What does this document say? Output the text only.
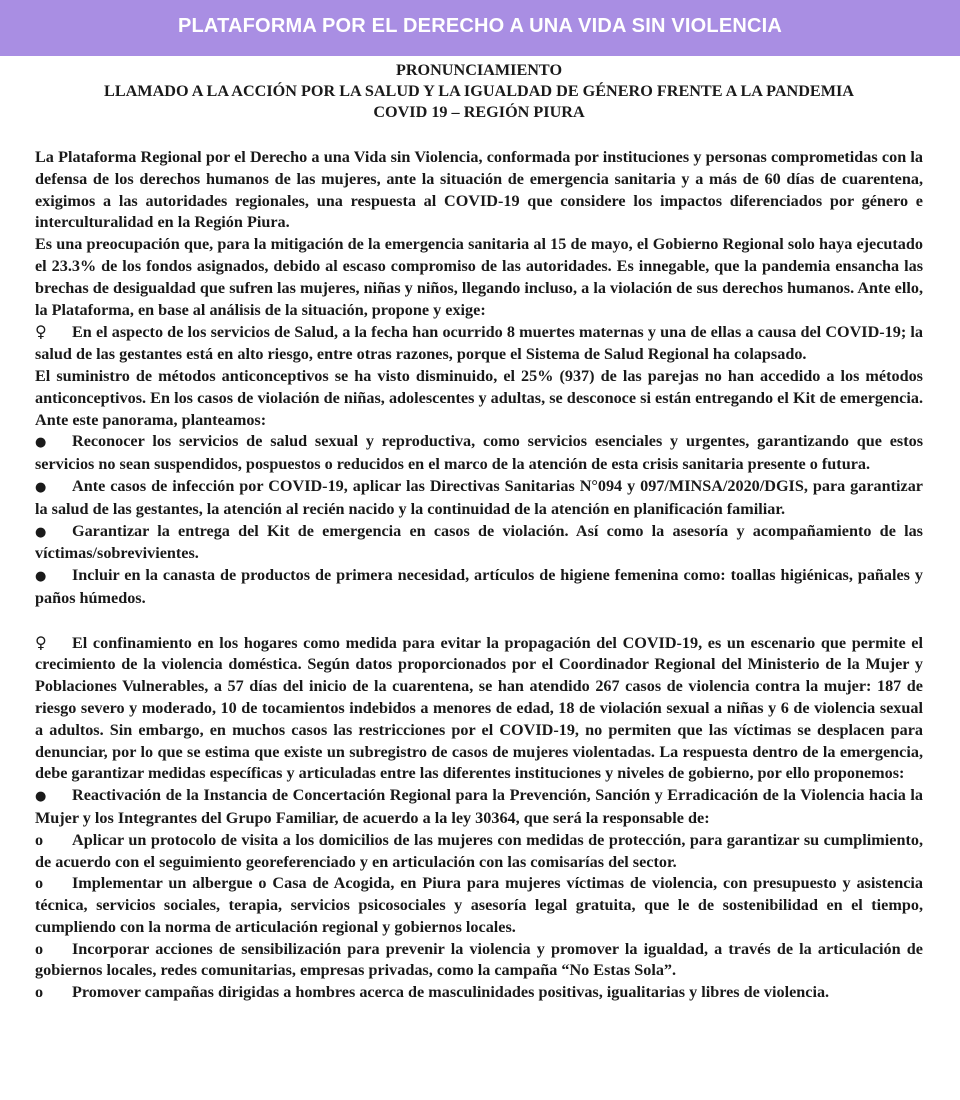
PLATAFORMA POR EL DERECHO A UNA VIDA SIN VIOLENCIA
PRONUNCIAMIENTO
LLAMADO A LA ACCIÓN POR LA SALUD Y LA IGUALDAD DE GÉNERO FRENTE A LA PANDEMIA
COVID 19 – REGIÓN PIURA

La Plataforma Regional por el Derecho a una Vida sin Violencia, conformada por instituciones y personas comprometidas con la defensa de los derechos humanos de las mujeres, ante la situación de emergencia sanitaria y a más de 60 días de cuarentena, exigimos a las autoridades regionales, una respuesta al COVID-19 que considere los impactos diferenciados por género e interculturalidad en la Región Piura.

Es una preocupación que, para la mitigación de la emergencia sanitaria al 15 de mayo, el Gobierno Regional solo haya ejecutado el 23.3% de los fondos asignados, debido al escaso compromiso de las autoridades. Es innegable, que la pandemia ensancha las brechas de desigualdad que sufren las mujeres, niñas y niños, llegando incluso, a la violación de sus derechos humanos. Ante ello, la Plataforma, en base al análisis de la situación, propone y exige:

♀ En el aspecto de los servicios de Salud, a la fecha han ocurrido 8 muertes maternas y una de ellas a causa del COVID-19; la salud de las gestantes está en alto riesgo, entre otras razones, porque el Sistema de Salud Regional ha colapsado.

El suministro de métodos anticonceptivos se ha visto disminuido, el 25% (937) de las parejas no han accedido a los métodos anticonceptivos. En los casos de violación de niñas, adolescentes y adultas, se desconoce si están entregando el Kit de emergencia. Ante este panorama, planteamos:

● Reconocer los servicios de salud sexual y reproductiva, como servicios esenciales y urgentes, garantizando que estos servicios no sean suspendidos, pospuestos o reducidos en el marco de la atención de esta crisis sanitaria presente o futura.

● Ante casos de infección por COVID-19, aplicar las Directivas Sanitarias N°094 y 097/MINSA/2020/DGIS, para garantizar la salud de las gestantes, la atención al recién nacido y la continuidad de la atención en planificación familiar.

● Garantizar la entrega del Kit de emergencia en casos de violación. Así como la asesoría y acompañamiento de las víctimas/sobrevivientes.

● Incluir en la canasta de productos de primera necesidad, artículos de higiene femenina como: toallas higiénicas, pañales y paños húmedos.

♀ El confinamiento en los hogares como medida para evitar la propagación del COVID-19, es un escenario que permite el crecimiento de la violencia doméstica. Según datos proporcionados por el Coordinador Regional del Ministerio de la Mujer y Poblaciones Vulnerables, a 57 días del inicio de la cuarentena, se han atendido 267 casos de violencia contra la mujer: 187 de riesgo severo y moderado, 10 de tocamientos indebidos a menores de edad, 18 de violación sexual a niñas y 6 de violencia sexual a adultos. Sin embargo, en muchos casos las restricciones por el COVID-19, no permiten que las víctimas se desplacen para denunciar, por lo que se estima que existe un subregistro de casos de mujeres violentadas. La respuesta dentro de la emergencia, debe garantizar medidas específicas y articuladas entre las diferentes instituciones y niveles de gobierno, por ello proponemos:

● Reactivación de la Instancia de Concertación Regional para la Prevención, Sanción y Erradicación de la Violencia hacia la Mujer y los Integrantes del Grupo Familiar, de acuerdo a la ley 30364, que será la responsable de:

o Aplicar un protocolo de visita a los domicilios de las mujeres con medidas de protección, para garantizar su cumplimiento, de acuerdo con el seguimiento georeferenciado y en articulación con las comisarías del sector.

o Implementar un albergue o Casa de Acogida, en Piura para mujeres víctimas de violencia, con presupuesto y asistencia técnica, servicios sociales, terapia, servicios psicosociales y asesoría legal gratuita, que le de sostenibilidad en el tiempo, cumpliendo con la norma de articulación regional y gobiernos locales.

o Incorporar acciones de sensibilización para prevenir la violencia y promover la igualdad, a través de la articulación de gobiernos locales, redes comunitarias, empresas privadas, como la campaña “No Estas Sola”.

o Promover campañas dirigidas a hombres acerca de masculinidades positivas, igualitarias y libres de violencia.
